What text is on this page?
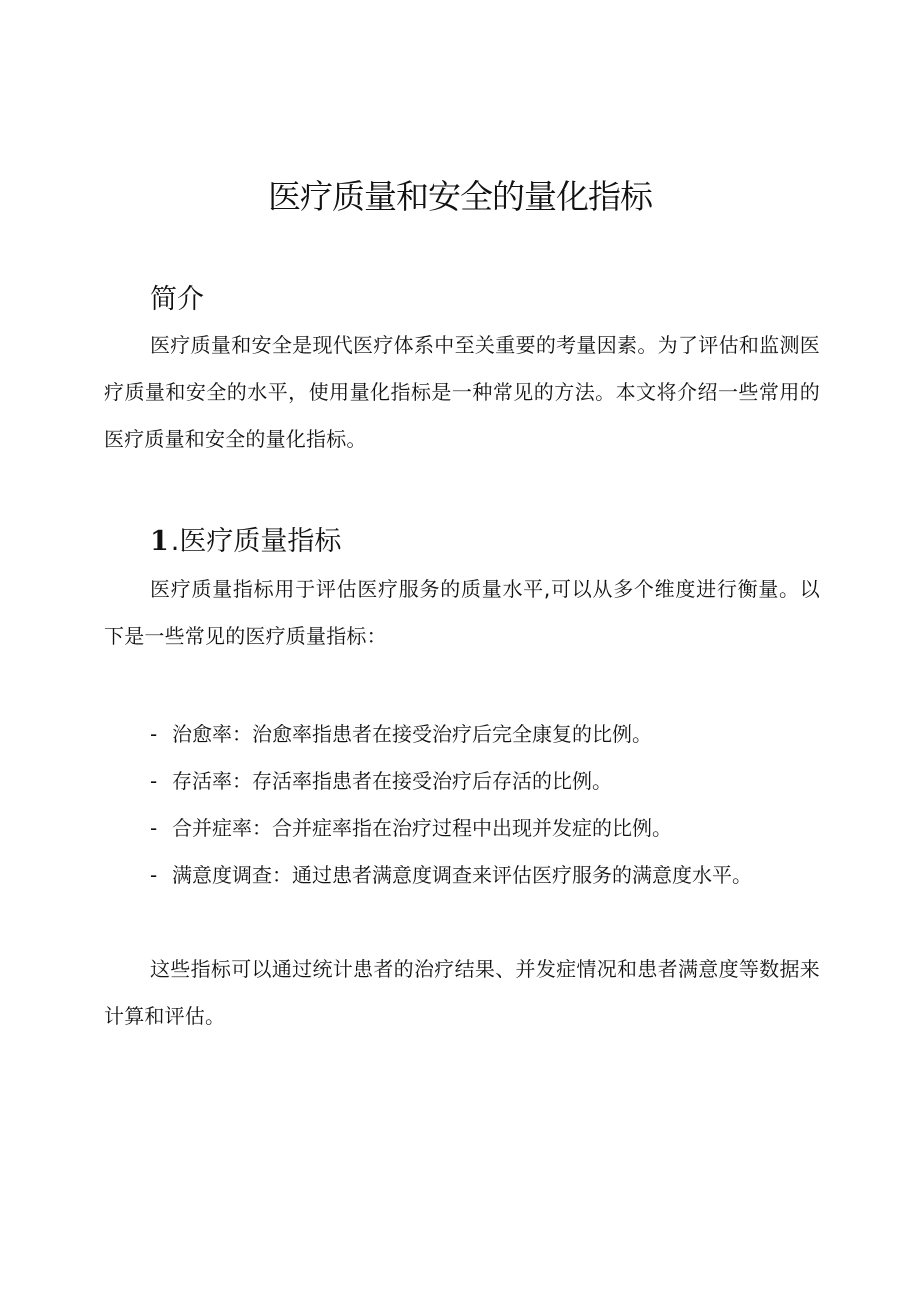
医疗质量和安全的量化指标
简介

医疗质量和安全是现代医疗体系中至关重要的考量因素。为了评估和监测医疗质量和安全的水平，使用量化指标是一种常见的方法。本文将介绍一些常用的医疗质量和安全的量化指标。

1.医疗质量指标

医疗质量指标用于评估医疗服务的质量水平,可以从多个维度进行衡量。以下是一些常见的医疗质量指标：

- 治愈率：治愈率指患者在接受治疗后完全康复的比例。
- 存活率：存活率指患者在接受治疗后存活的比例。
- 合并症率：合并症率指在治疗过程中出现并发症的比例。
- 满意度调查：通过患者满意度调查来评估医疗服务的满意度水平。

这些指标可以通过统计患者的治疗结果、并发症情况和患者满意度等数据来计算和评估。
